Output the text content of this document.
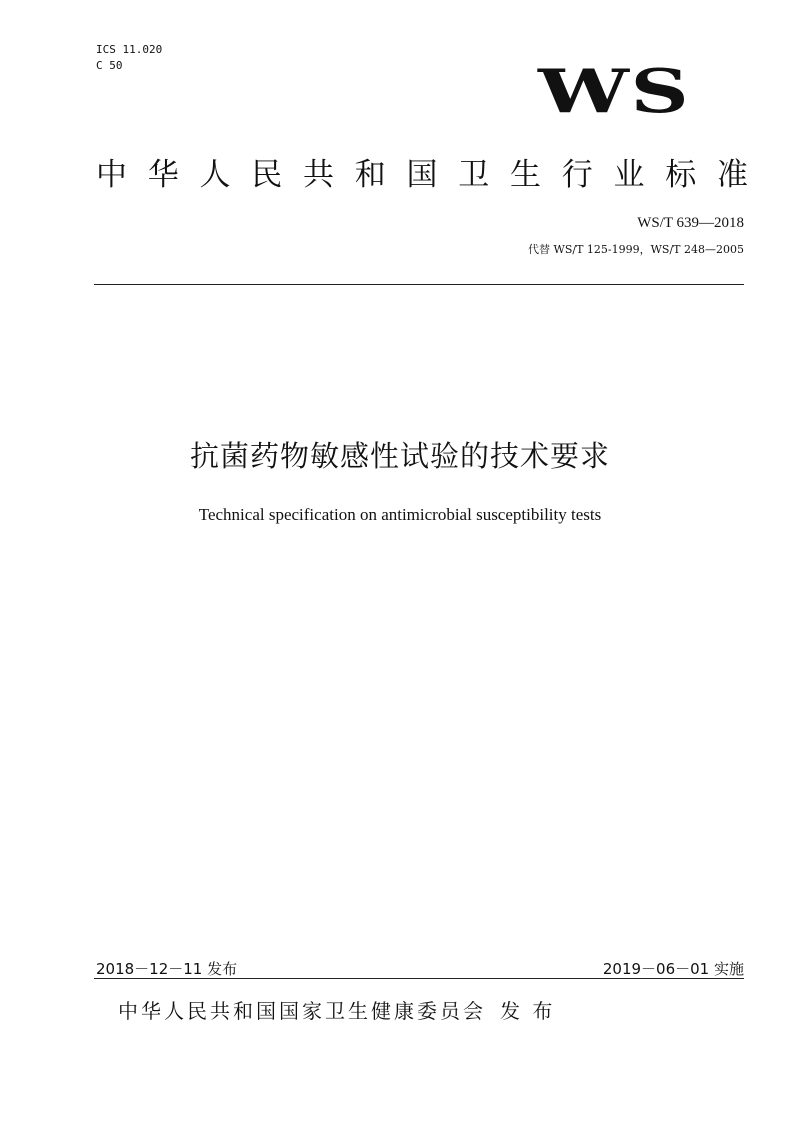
ICS 11.020
C 50	WS
中 华 人 民 共 和 国 卫 生 行 业 标 准
WS/T 639—2018
代替 WS/T 125-1999，WS/T 248—2005
抗菌药物敏感性试验的技术要求
Technical specification on antimicrobial susceptibility tests
2018－12－11 发布	2019－06－01 实施
中华人民共和国国家卫生健康委员会 发 布
